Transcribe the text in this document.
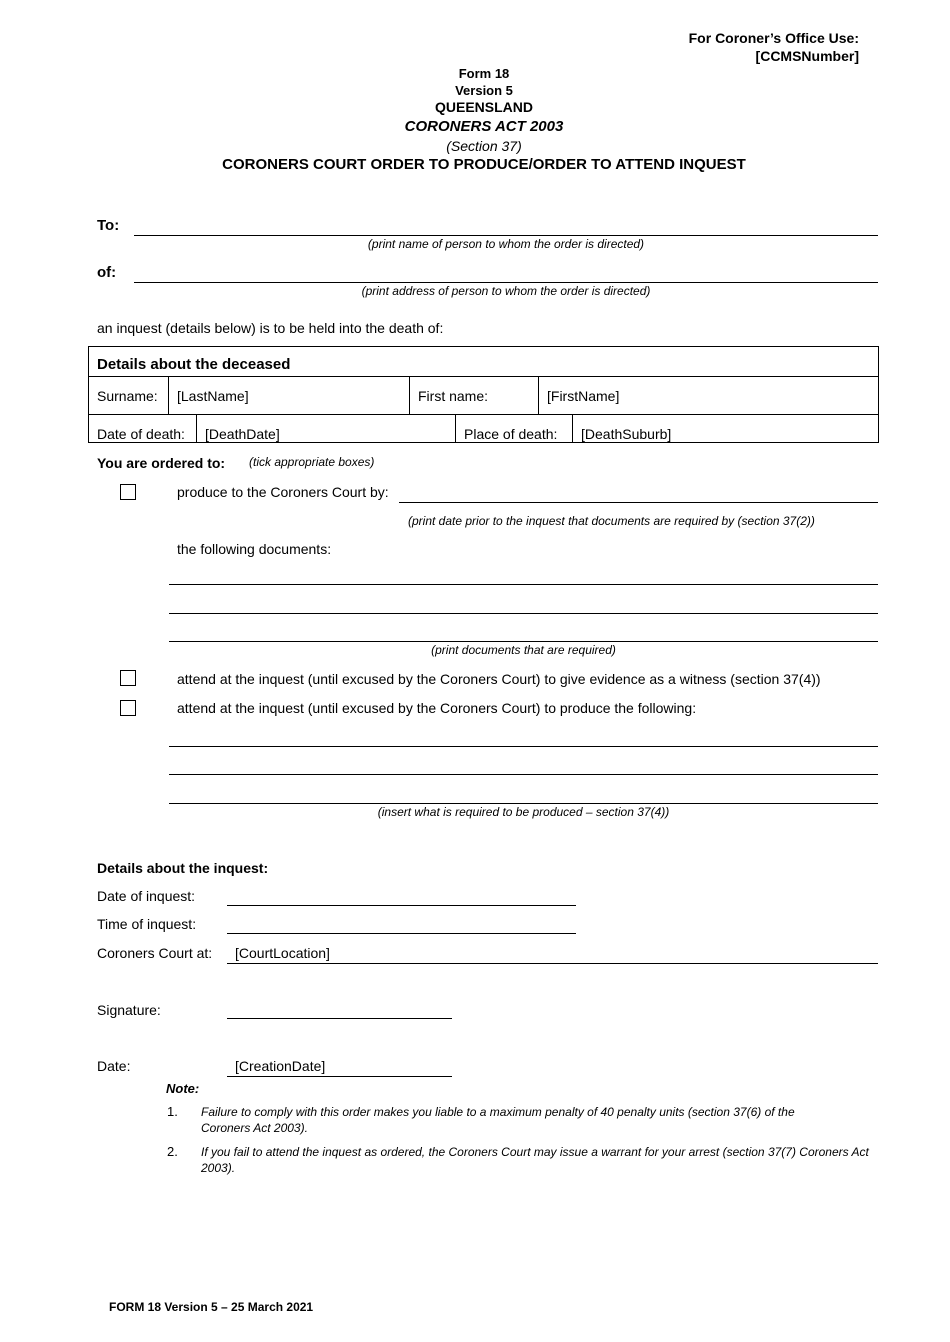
For Coroner’s Office Use:
[CCMSNumber]
Form 18
Version 5
QUEENSLAND
CORONERS ACT 2003
(Section 37)
CORONERS COURT ORDER TO PRODUCE/ORDER TO ATTEND INQUEST
To:
(print name of person to whom the order is directed)
of:
(print address of person to whom the order is directed)
an inquest (details below) is to be held into the death of:
Details about the deceased
Surname:	[LastName]	First name:	[FirstName]
Date of death:	[DeathDate]	Place of death:	[DeathSuburb]
You are ordered to: (tick appropriate boxes)
produce to the Coroners Court by:
(print date prior to the inquest that documents are required by (section 37(2))
the following documents:
(print documents that are required)
attend at the inquest (until excused by the Coroners Court) to give evidence as a witness (section 37(4))
attend at the inquest (until excused by the Coroners Court) to produce the following:
(insert what is required to be produced – section 37(4))
Details about the inquest:
Date of inquest:
Time of inquest:
Coroners Court at: [CourtLocation]
Signature:
Date:	[CreationDate]
Note:
1. Failure to comply with this order makes you liable to a maximum penalty of 40 penalty units (section 37(6) of the Coroners Act 2003).
2. If you fail to attend the inquest as ordered, the Coroners Court may issue a warrant for your arrest (section 37(7) Coroners Act 2003).
FORM 18 Version 5 – 25 March 2021
